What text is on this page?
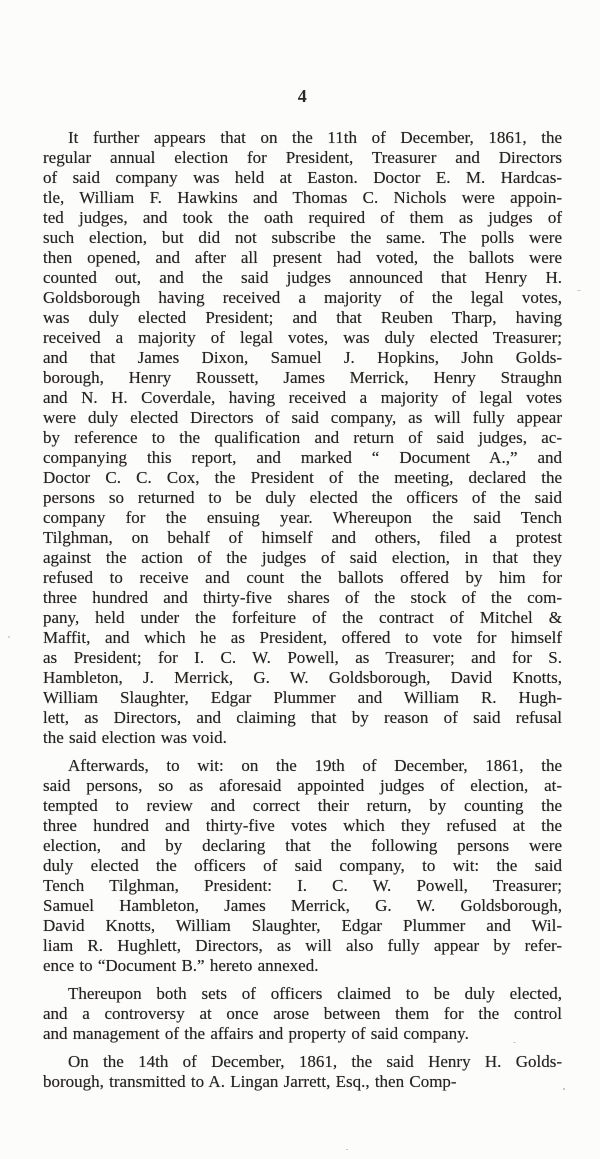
4
It further appears that on the 11th of December, 1861, the
regular annual election for President, Treasurer and Directors
of said company was held at Easton. Doctor E. M. Hardcas-
tle, William F. Hawkins and Thomas C. Nichols were appoin-
ted judges, and took the oath required of them as judges of
such election, but did not subscribe the same. The polls were
then opened, and after all present had voted, the ballots were
counted out, and the said judges announced that Henry H.
Goldsborough having received a majority of the legal votes,
was duly elected President; and that Reuben Tharp, having
received a majority of legal votes, was duly elected Treasurer;
and that James Dixon, Samuel J. Hopkins, John Golds-
borough, Henry Roussett, James Merrick, Henry Straughn
and N. H. Coverdale, having received a majority of legal votes
were duly elected Directors of said company, as will fully appear
by reference to the qualification and return of said judges, ac-
companying this report, and marked “ Document A.,” and
Doctor C. C. Cox, the President of the meeting, declared the
persons so returned to be duly elected the officers of the said
company for the ensuing year. Whereupon the said Tench
Tilghman, on behalf of himself and others, filed a protest
against the action of the judges of said election, in that they
refused to receive and count the ballots offered by him for
three hundred and thirty-five shares of the stock of the com-
pany, held under the forfeiture of the contract of Mitchel &
Maffit, and which he as President, offered to vote for himself
as President; for I. C. W. Powell, as Treasurer; and for S.
Hambleton, J. Merrick, G. W. Goldsborough, David Knotts,
William Slaughter, Edgar Plummer and William R. Hugh-
lett, as Directors, and claiming that by reason of said refusal
the said election was void.
Afterwards, to wit: on the 19th of December, 1861, the
said persons, so as aforesaid appointed judges of election, at-
tempted to review and correct their return, by counting the
three hundred and thirty-five votes which they refused at the
election, and by declaring that the following persons were
duly elected the officers of said company, to wit: the said
Tench Tilghman, President: I. C. W. Powell, Treasurer;
Samuel Hambleton, James Merrick, G. W. Goldsborough,
David Knotts, William Slaughter, Edgar Plummer and Wil-
liam R. Hughlett, Directors, as will also fully appear by refer-
ence to “Document B.” hereto annexed.
Thereupon both sets of officers claimed to be duly elected,
and a controversy at once arose between them for the control
and management of the affairs and property of said company.
On the 14th of December, 1861, the said Henry H. Golds-
borough, transmitted to A. Lingan Jarrett, Esq., then Comp-
